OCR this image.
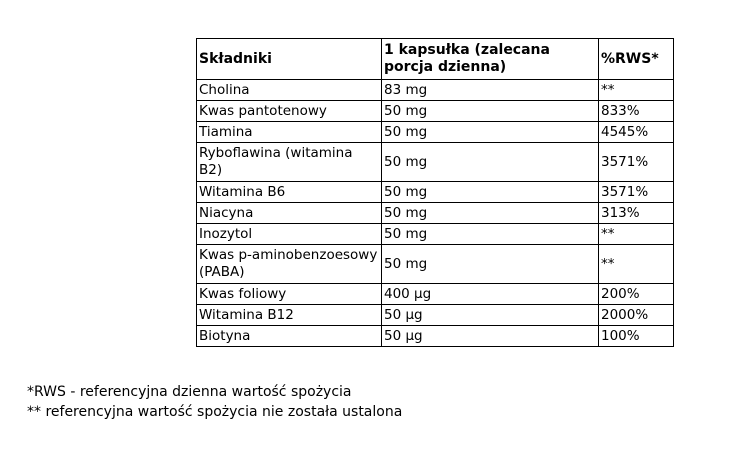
Składniki	1 kapsułka (zalecana porcja dzienna)	%RWS*
Cholina	83 mg	**
Kwas pantotenowy	50 mg	833%
Tiamina	50 mg	4545%
Ryboflawina (witamina B2)	50 mg	3571%
Witamina B6	50 mg	3571%
Niacyna	50 mg	313%
Inozytol	50 mg	**
Kwas p-aminobenzoesowy (PABA)	50 mg	**
Kwas foliowy	400 µg	200%
Witamina B12	50 µg	2000%
Biotyna	50 µg	100%
*RWS - referencyjna dzienna wartość spożycia
** referencyjna wartość spożycia nie została ustalona
